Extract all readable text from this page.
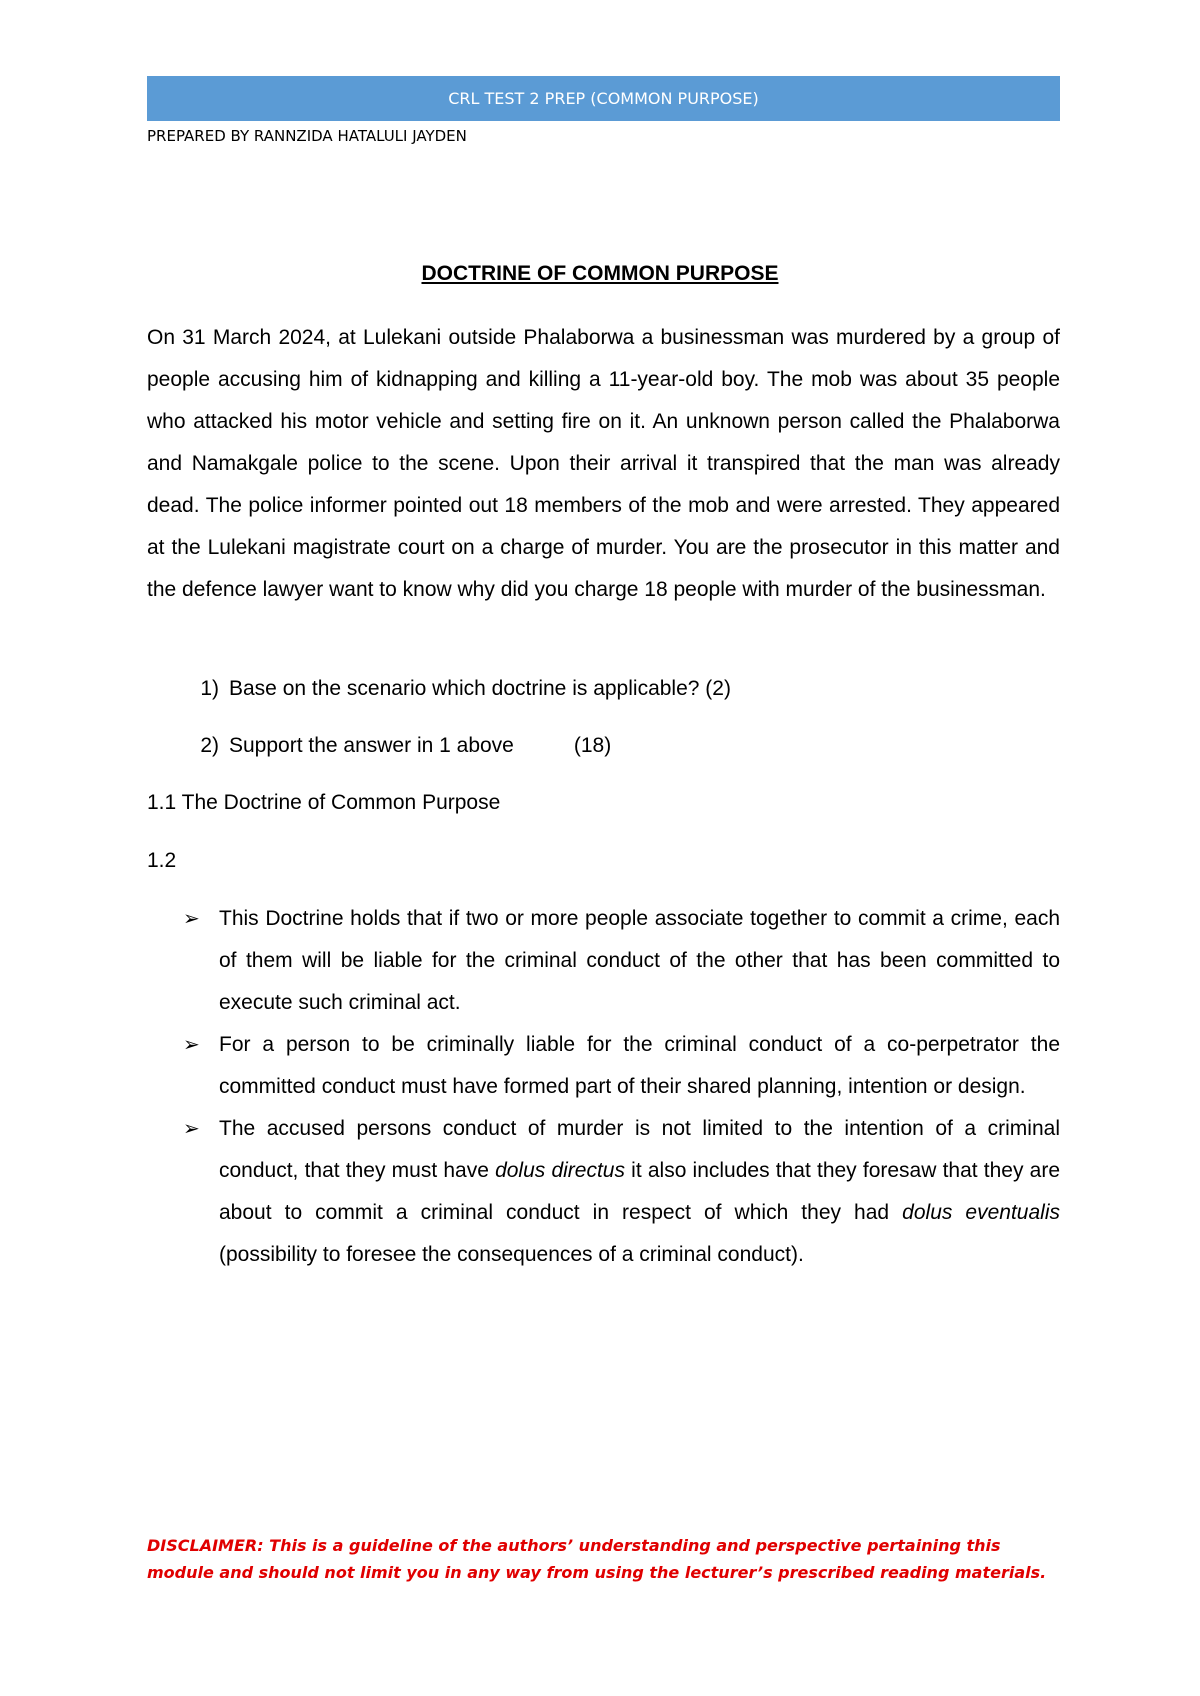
CRL TEST 2 PREP (COMMON PURPOSE)
PREPARED BY RANNZIDA HATALULI JAYDEN
DOCTRINE OF COMMON PURPOSE

On 31 March 2024, at Lulekani outside Phalaborwa a businessman was murdered by a group of people accusing him of kidnapping and killing a 11-year-old boy. The mob was about 35 people who attacked his motor vehicle and setting fire on it. An unknown person called the Phalaborwa and Namakgale police to the scene. Upon their arrival it transpired that the man was already dead. The police informer pointed out 18 members of the mob and were arrested. They appeared at the Lulekani magistrate court on a charge of murder. You are the prosecutor in this matter and the defence lawyer want to know why did you charge 18 people with murder of the businessman.

1) Base on the scenario which doctrine is applicable? (2)
2) Support the answer in 1 above	(18)
1.1 The Doctrine of Common Purpose
1.2
➢ This Doctrine holds that if two or more people associate together to commit a crime, each of them will be liable for the criminal conduct of the other that has been committed to execute such criminal act.
➢ For a person to be criminally liable for the criminal conduct of a co-perpetrator the committed conduct must have formed part of their shared planning, intention or design.
➢ The accused persons conduct of murder is not limited to the intention of a criminal conduct, that they must have dolus directus it also includes that they foresaw that they are about to commit a criminal conduct in respect of which they had dolus eventualis (possibility to foresee the consequences of a criminal conduct).
DISCLAIMER: This is a guideline of the authors’ understanding and perspective pertaining this module and should not limit you in any way from using the lecturer’s prescribed reading materials.
